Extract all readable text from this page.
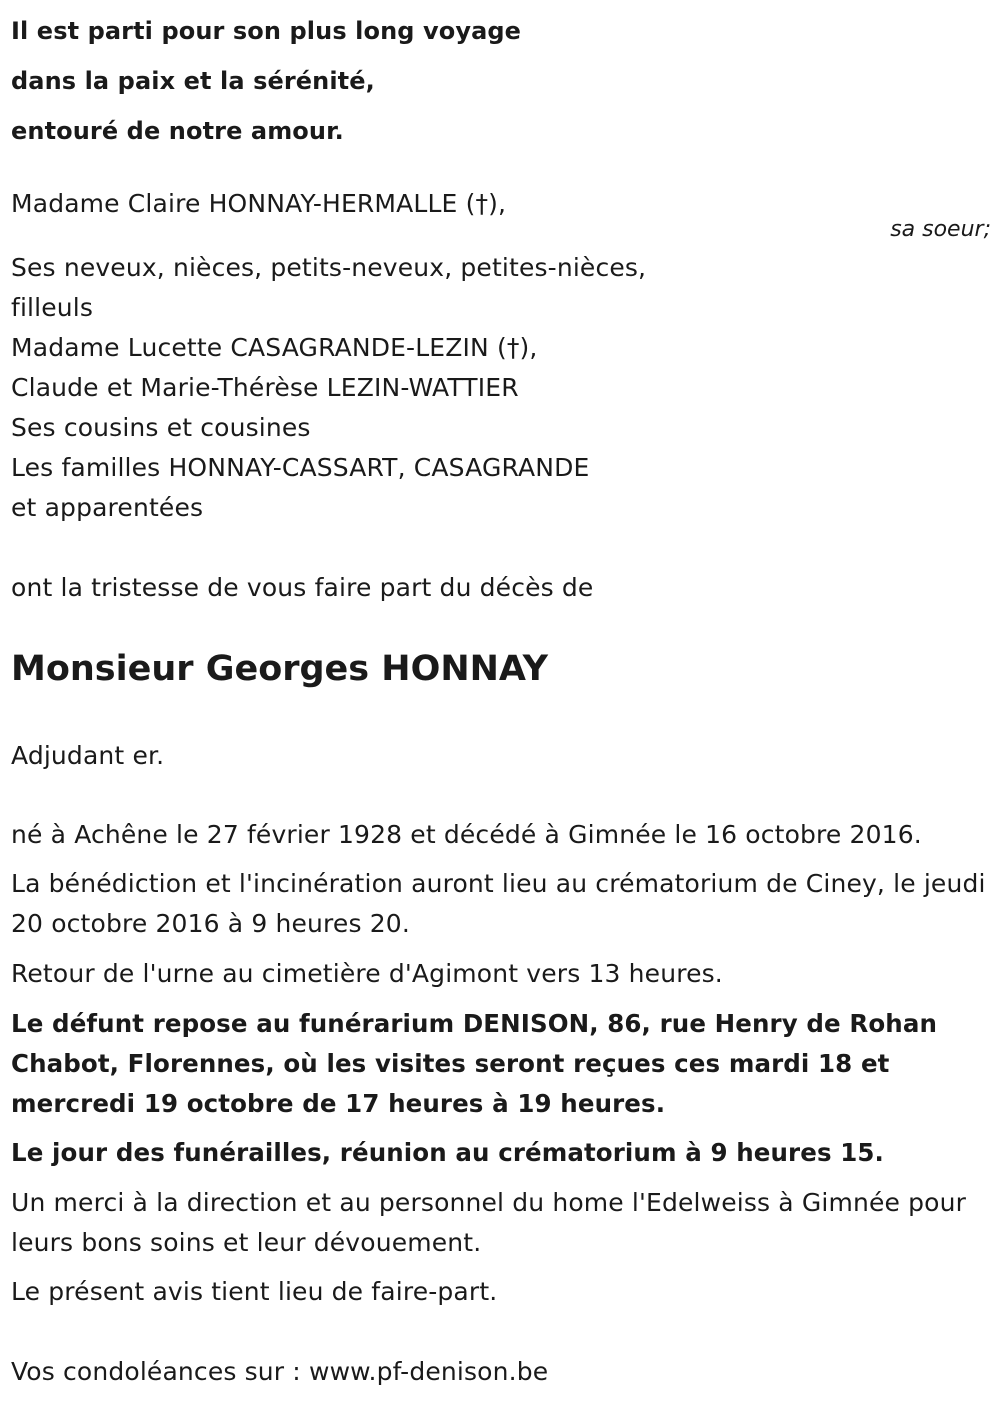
Il est parti pour son plus long voyage
dans la paix et la sérénité,
entouré de notre amour.
Madame Claire HONNAY-HERMALLE (†),
sa soeur;
Ses neveux, nièces, petits-neveux, petites-nièces,
filleuls
Madame Lucette CASAGRANDE-LEZIN (†),
Claude et Marie-Thérèse LEZIN-WATTIER
Ses cousins et cousines
Les familles HONNAY-CASSART, CASAGRANDE
et apparentées
ont la tristesse de vous faire part du décès de
Monsieur Georges HONNAY
Adjudant er.
né à Achêne le 27 février 1928 et décédé à Gimnée le 16 octobre 2016.
La bénédiction et l'incinération auront lieu au crématorium de Ciney, le jeudi 20 octobre 2016 à 9 heures 20.
Retour de l'urne au cimetière d'Agimont vers 13 heures.
Le défunt repose au funérarium DENISON, 86, rue Henry de Rohan Chabot, Florennes, où les visites seront reçues ces mardi 18 et mercredi 19 octobre de 17 heures à 19 heures.
Le jour des funérailles, réunion au crématorium à 9 heures 15.
Un merci à la direction et au personnel du home l'Edelweiss à Gimnée pour leurs bons soins et leur dévouement.
Le présent avis tient lieu de faire-part.
Vos condoléances sur : www.pf-denison.be
